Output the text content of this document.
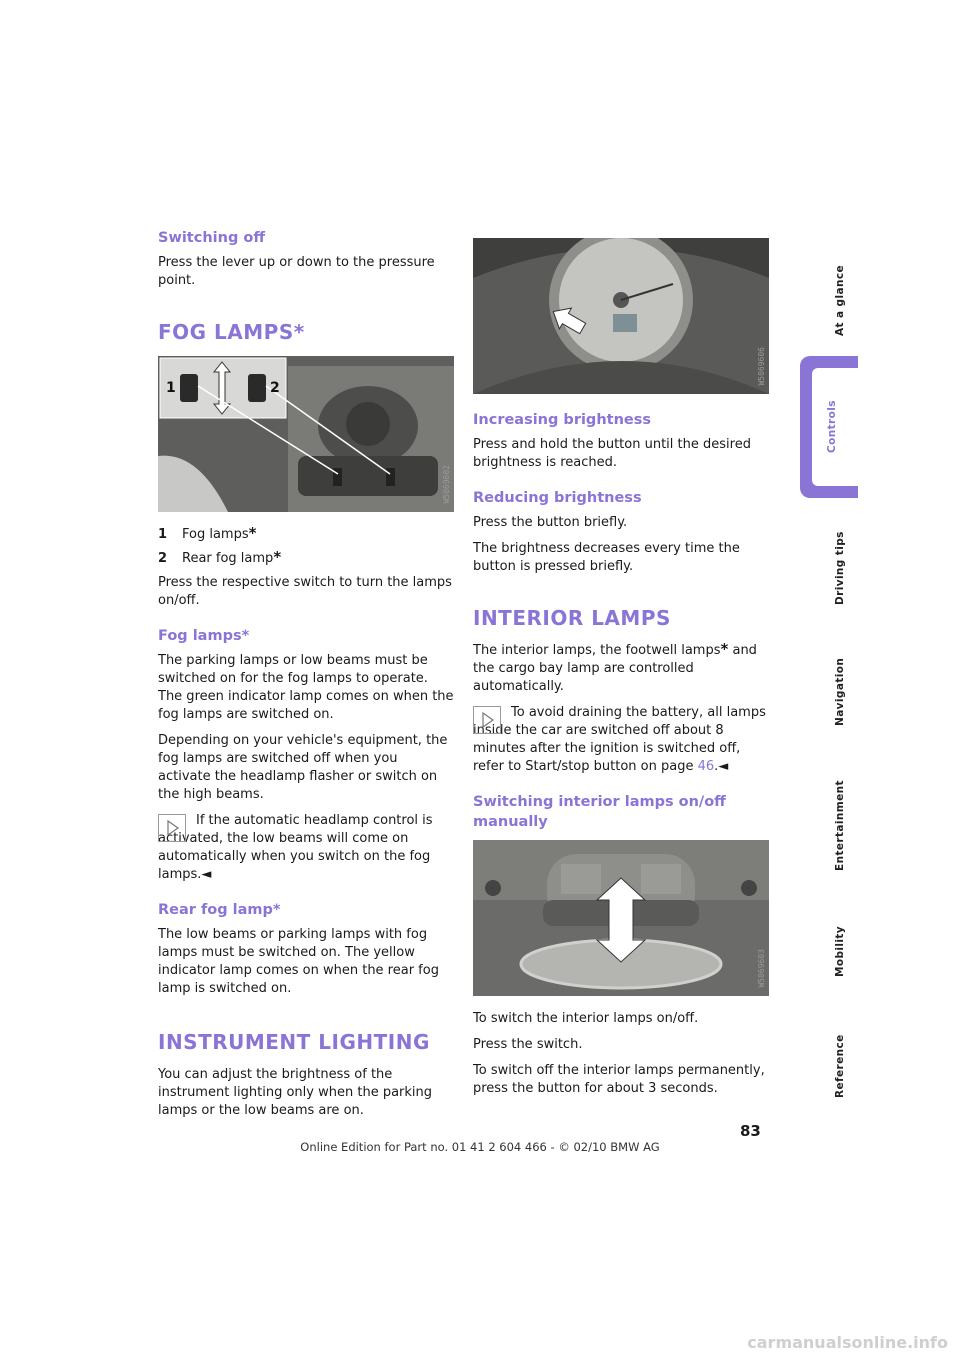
Switching off

Press the lever up or down to the pressure point.

FOG LAMPS*
1	2
W5069602
1	Fog lamps*
2	Rear fog lamp*

Press the respective switch to turn the lamps on/off.

Fog lamps*

The parking lamps or low beams must be switched on for the fog lamps to operate. The green indicator lamp comes on when the fog lamps are switched on.

Depending on your vehicle's equipment, the fog lamps are switched off when you activate the headlamp flasher or switch on the high beams.

If the automatic headlamp control is activated, the low beams will come on automatically when you switch on the fog lamps.◄

Rear fog lamp*

The low beams or parking lamps with fog lamps must be switched on. The yellow indicator lamp comes on when the rear fog lamp is switched on.

INSTRUMENT LIGHTING

You can adjust the brightness of the instrument lighting only when the parking lamps or the low beams are on.

W5069606
Increasing brightness

Press and hold the button until the desired brightness is reached.

Reducing brightness

Press the button briefly.

The brightness decreases every time the button is pressed briefly.

INTERIOR LAMPS

The interior lamps, the footwell lamps* and the cargo bay lamp are controlled automatically.

To avoid draining the battery, all lamps inside the car are switched off about 8 minutes after the ignition is switched off, refer to Start/stop button on page 46.◄

Switching interior lamps on/off manually
W5069603

To switch the interior lamps on/off.

Press the switch.

To switch off the interior lamps permanently, press the button for about 3 seconds.

At a glance
Controls
Driving tips
Navigation
Entertainment
Mobility
Reference
83
Online Edition for Part no. 01 41 2 604 466 - © 02/10 BMW AG
carmanualsonline.info
